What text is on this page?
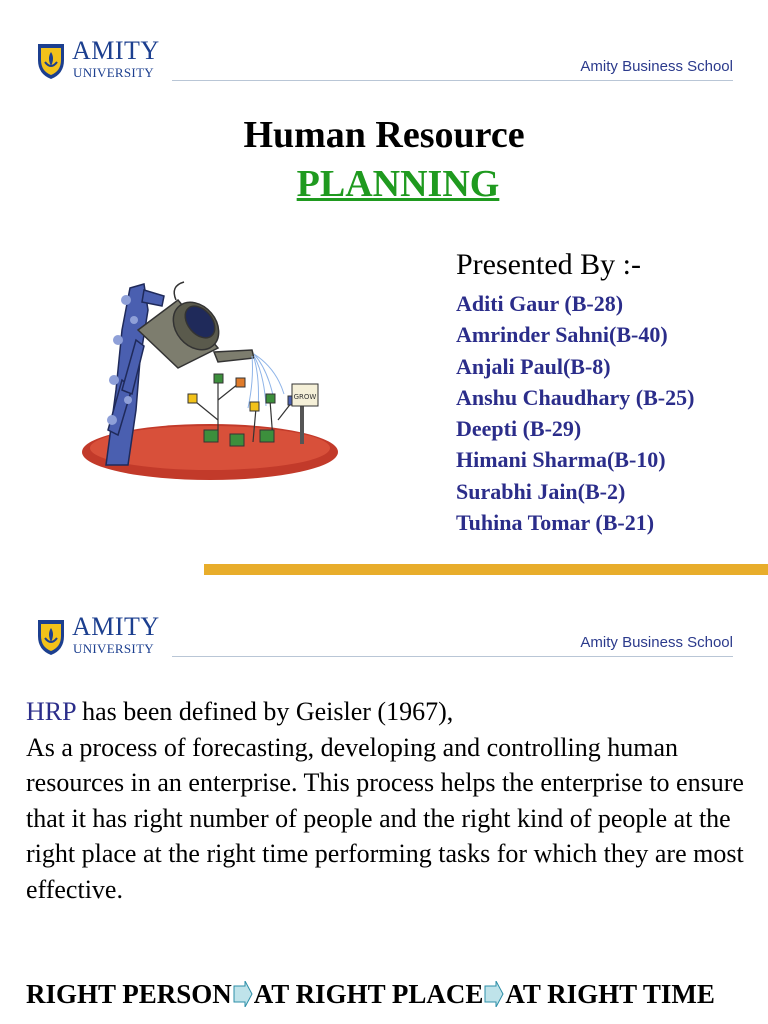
AMITY
UNIVERSITY	Amity Business School
Human Resource
PLANNING
GROW
Presented By :-
Aditi Gaur (B-28)
Amrinder Sahni(B-40)
Anjali Paul(B-8)
Anshu Chaudhary (B-25)
Deepti (B-29)
Himani Sharma(B-10)
Surabhi Jain(B-2)
Tuhina Tomar (B-21)
AMITY
UNIVERSITY	Amity Business School

HRP has been defined by Geisler (1967),
As a process of forecasting, developing and controlling human resources in an enterprise. This process helps the enterprise to ensure that it has right number of people and the right kind of people at the right place at the right time performing tasks for which they are most effective.

RIGHT PERSON AT RIGHT PLACE AT RIGHT TIME
